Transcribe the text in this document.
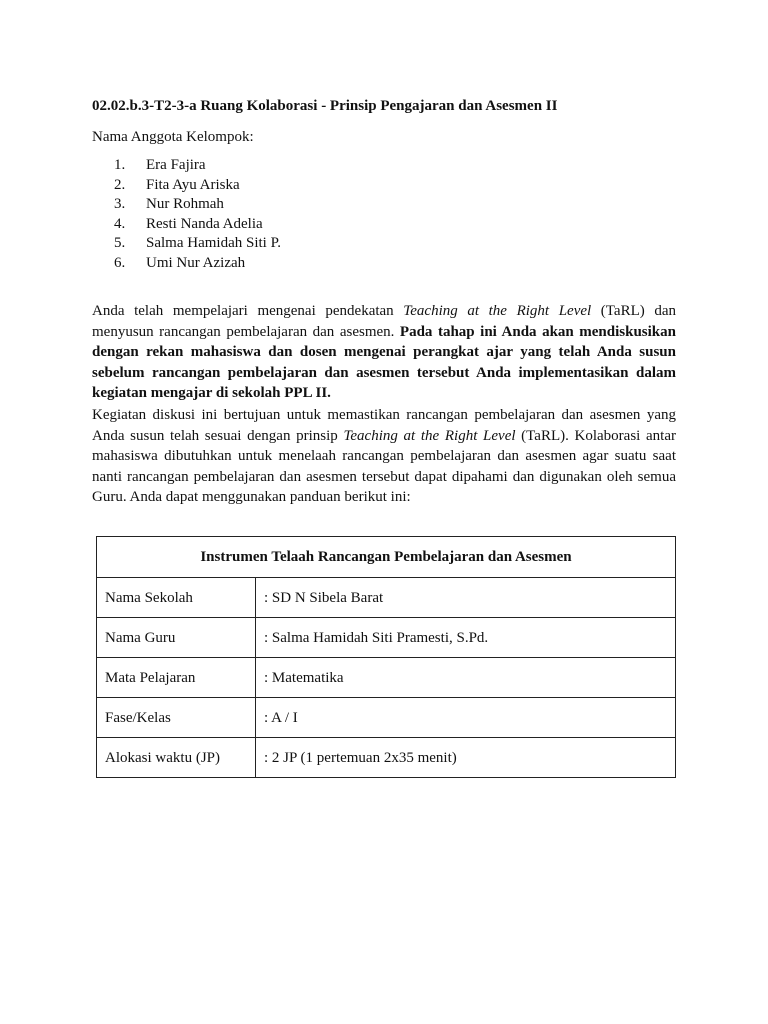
02.02.b.3-T2-3-a Ruang Kolaborasi - Prinsip Pengajaran dan Asesmen II
Nama Anggota Kelompok:
1. Era Fajira
2. Fita Ayu Ariska
3. Nur Rohmah
4. Resti Nanda Adelia
5. Salma Hamidah Siti P.
6. Umi Nur Azizah

Anda telah mempelajari mengenai pendekatan Teaching at the Right Level (TaRL) dan menyusun rancangan pembelajaran dan asesmen. Pada tahap ini Anda akan mendiskusikan dengan rekan mahasiswa dan dosen mengenai perangkat ajar yang telah Anda susun sebelum rancangan pembelajaran dan asesmen tersebut Anda implementasikan dalam kegiatan mengajar di sekolah PPL II.

Kegiatan diskusi ini bertujuan untuk memastikan rancangan pembelajaran dan asesmen yang Anda susun telah sesuai dengan prinsip Teaching at the Right Level (TaRL). Kolaborasi antar mahasiswa dibutuhkan untuk menelaah rancangan pembelajaran dan asesmen agar suatu saat nanti rancangan pembelajaran dan asesmen tersebut dapat dipahami dan digunakan oleh semua Guru. Anda dapat menggunakan panduan berikut ini:

Instrumen Telaah Rancangan Pembelajaran dan Asesmen	
Nama Sekolah	: SD N Sibela Barat
Nama Guru	: Salma Hamidah Siti Pramesti, S.Pd.
Mata Pelajaran	: Matematika
Fase/Kelas	: A / I
Alokasi waktu (JP)	: 2 JP (1 pertemuan 2x35 menit)
